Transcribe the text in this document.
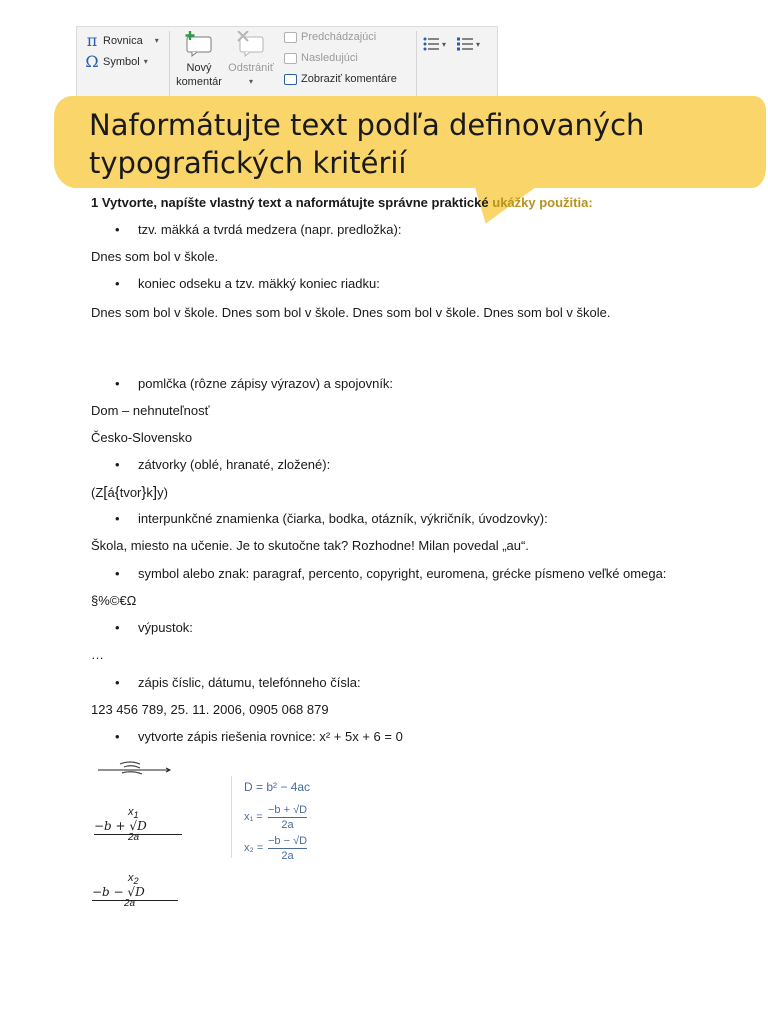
π Rovnica ▾
Ω Symbol ▾
Nový
komentár
Odstrániť
▾
Predchádzajúci
Nasledujúci
Zobraziť komentáre
▾	▾
Naformátujte text podľa definovaných typografických kritérií
1 Vytvorte, napíšte vlastný text a naformátujte správne praktické ukážky použitia:
• tzv. mäkká a tvrdá medzera (napr. predložka):
Dnes som bol v škole.
• koniec odseku a tzv. mäkký koniec riadku:
Dnes som bol v škole. Dnes som bol v škole. Dnes som bol v škole. Dnes som bol v škole.
• pomlčka (rôzne zápisy výrazov) a spojovník:
Dom – nehnuteľnosť
Česko-Slovensko
• zátvorky (oblé, hranaté, zložené):
(Z[á{tvor}k]y)
• interpunkčné znamienka (čiarka, bodka, otázník, výkričník, úvodzovky):
Škola, miesto na učenie. Je to skutočne tak? Rozhodne! Milan povedal „au“.
• symbol alebo znak: paragraf, percento, copyright, euromena, grécke písmeno veľké omega:
§%©€Ω
• výpustok:
…
• zápis číslic, dátumu, telefónneho čísla:
123 456 789, 25. 11. 2006, 0905 068 879
• vytvorte zápis riešenia rovnice: x² + 5x + 6 = 0
$x_1$
−b + √D
2a
$x_2$
−b − √D
2a
D = b² − 4ac
x₁ =
−b + √D
2a
x₂ =
−b − √D
2a
